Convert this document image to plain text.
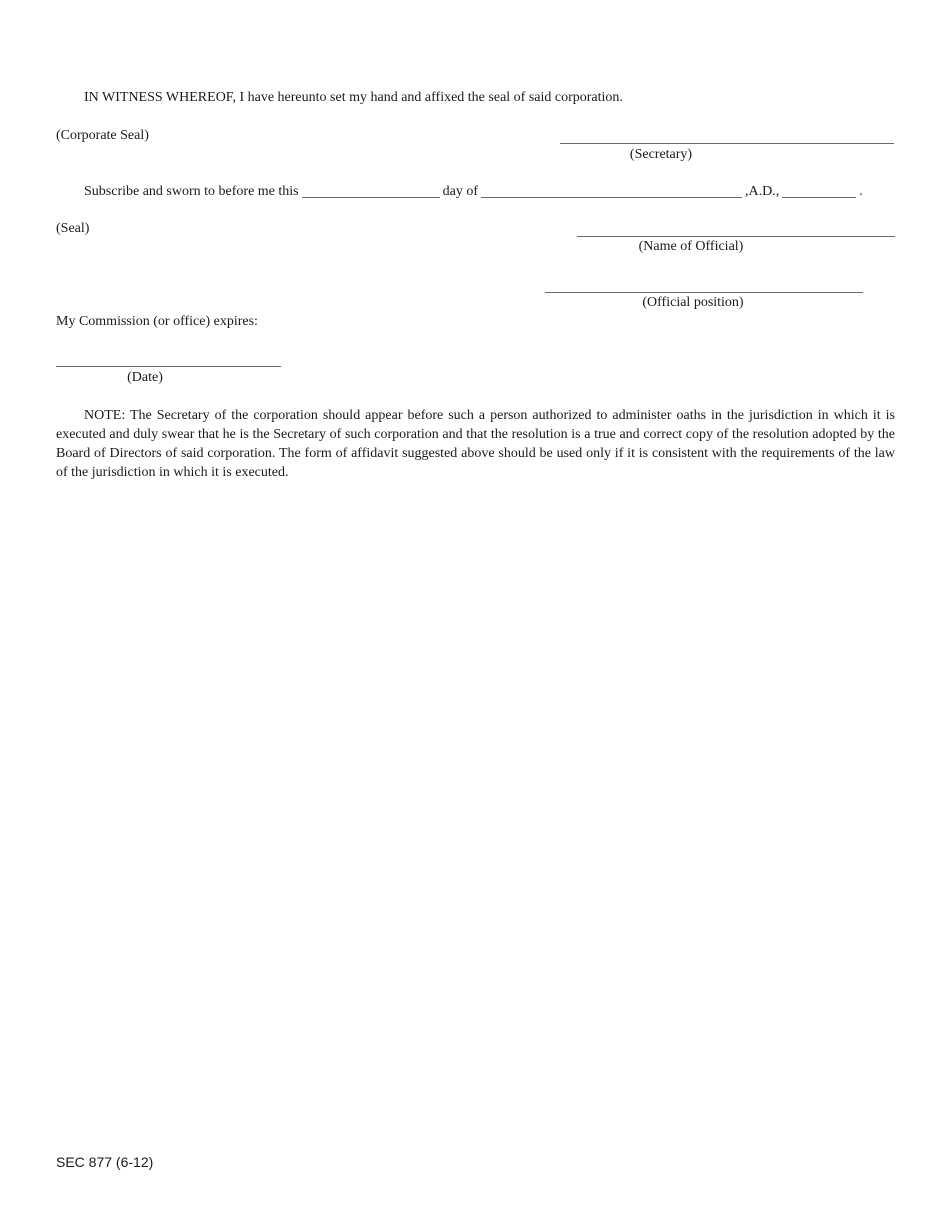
IN WITNESS WHEREOF, I have hereunto set my hand and affixed the seal of said corporation.
(Corporate Seal)
(Secretary)
Subscribe and sworn to before me this	day of	,A.D.,	.
(Seal)
(Name of Official)
(Official position)
My Commission (or office) expires:
(Date)
NOTE: The Secretary of the corporation should appear before such a person authorized to administer oaths in the jurisdiction in which it is executed and duly swear that he is the Secretary of such corporation and that the resolution is a true and correct copy of the resolution adopted by the Board of Directors of said corporation. The form of affidavit suggested above should be used only if it is consistent with the requirements of the law of the jurisdiction in which it is executed.
SEC 877 (6-12)
